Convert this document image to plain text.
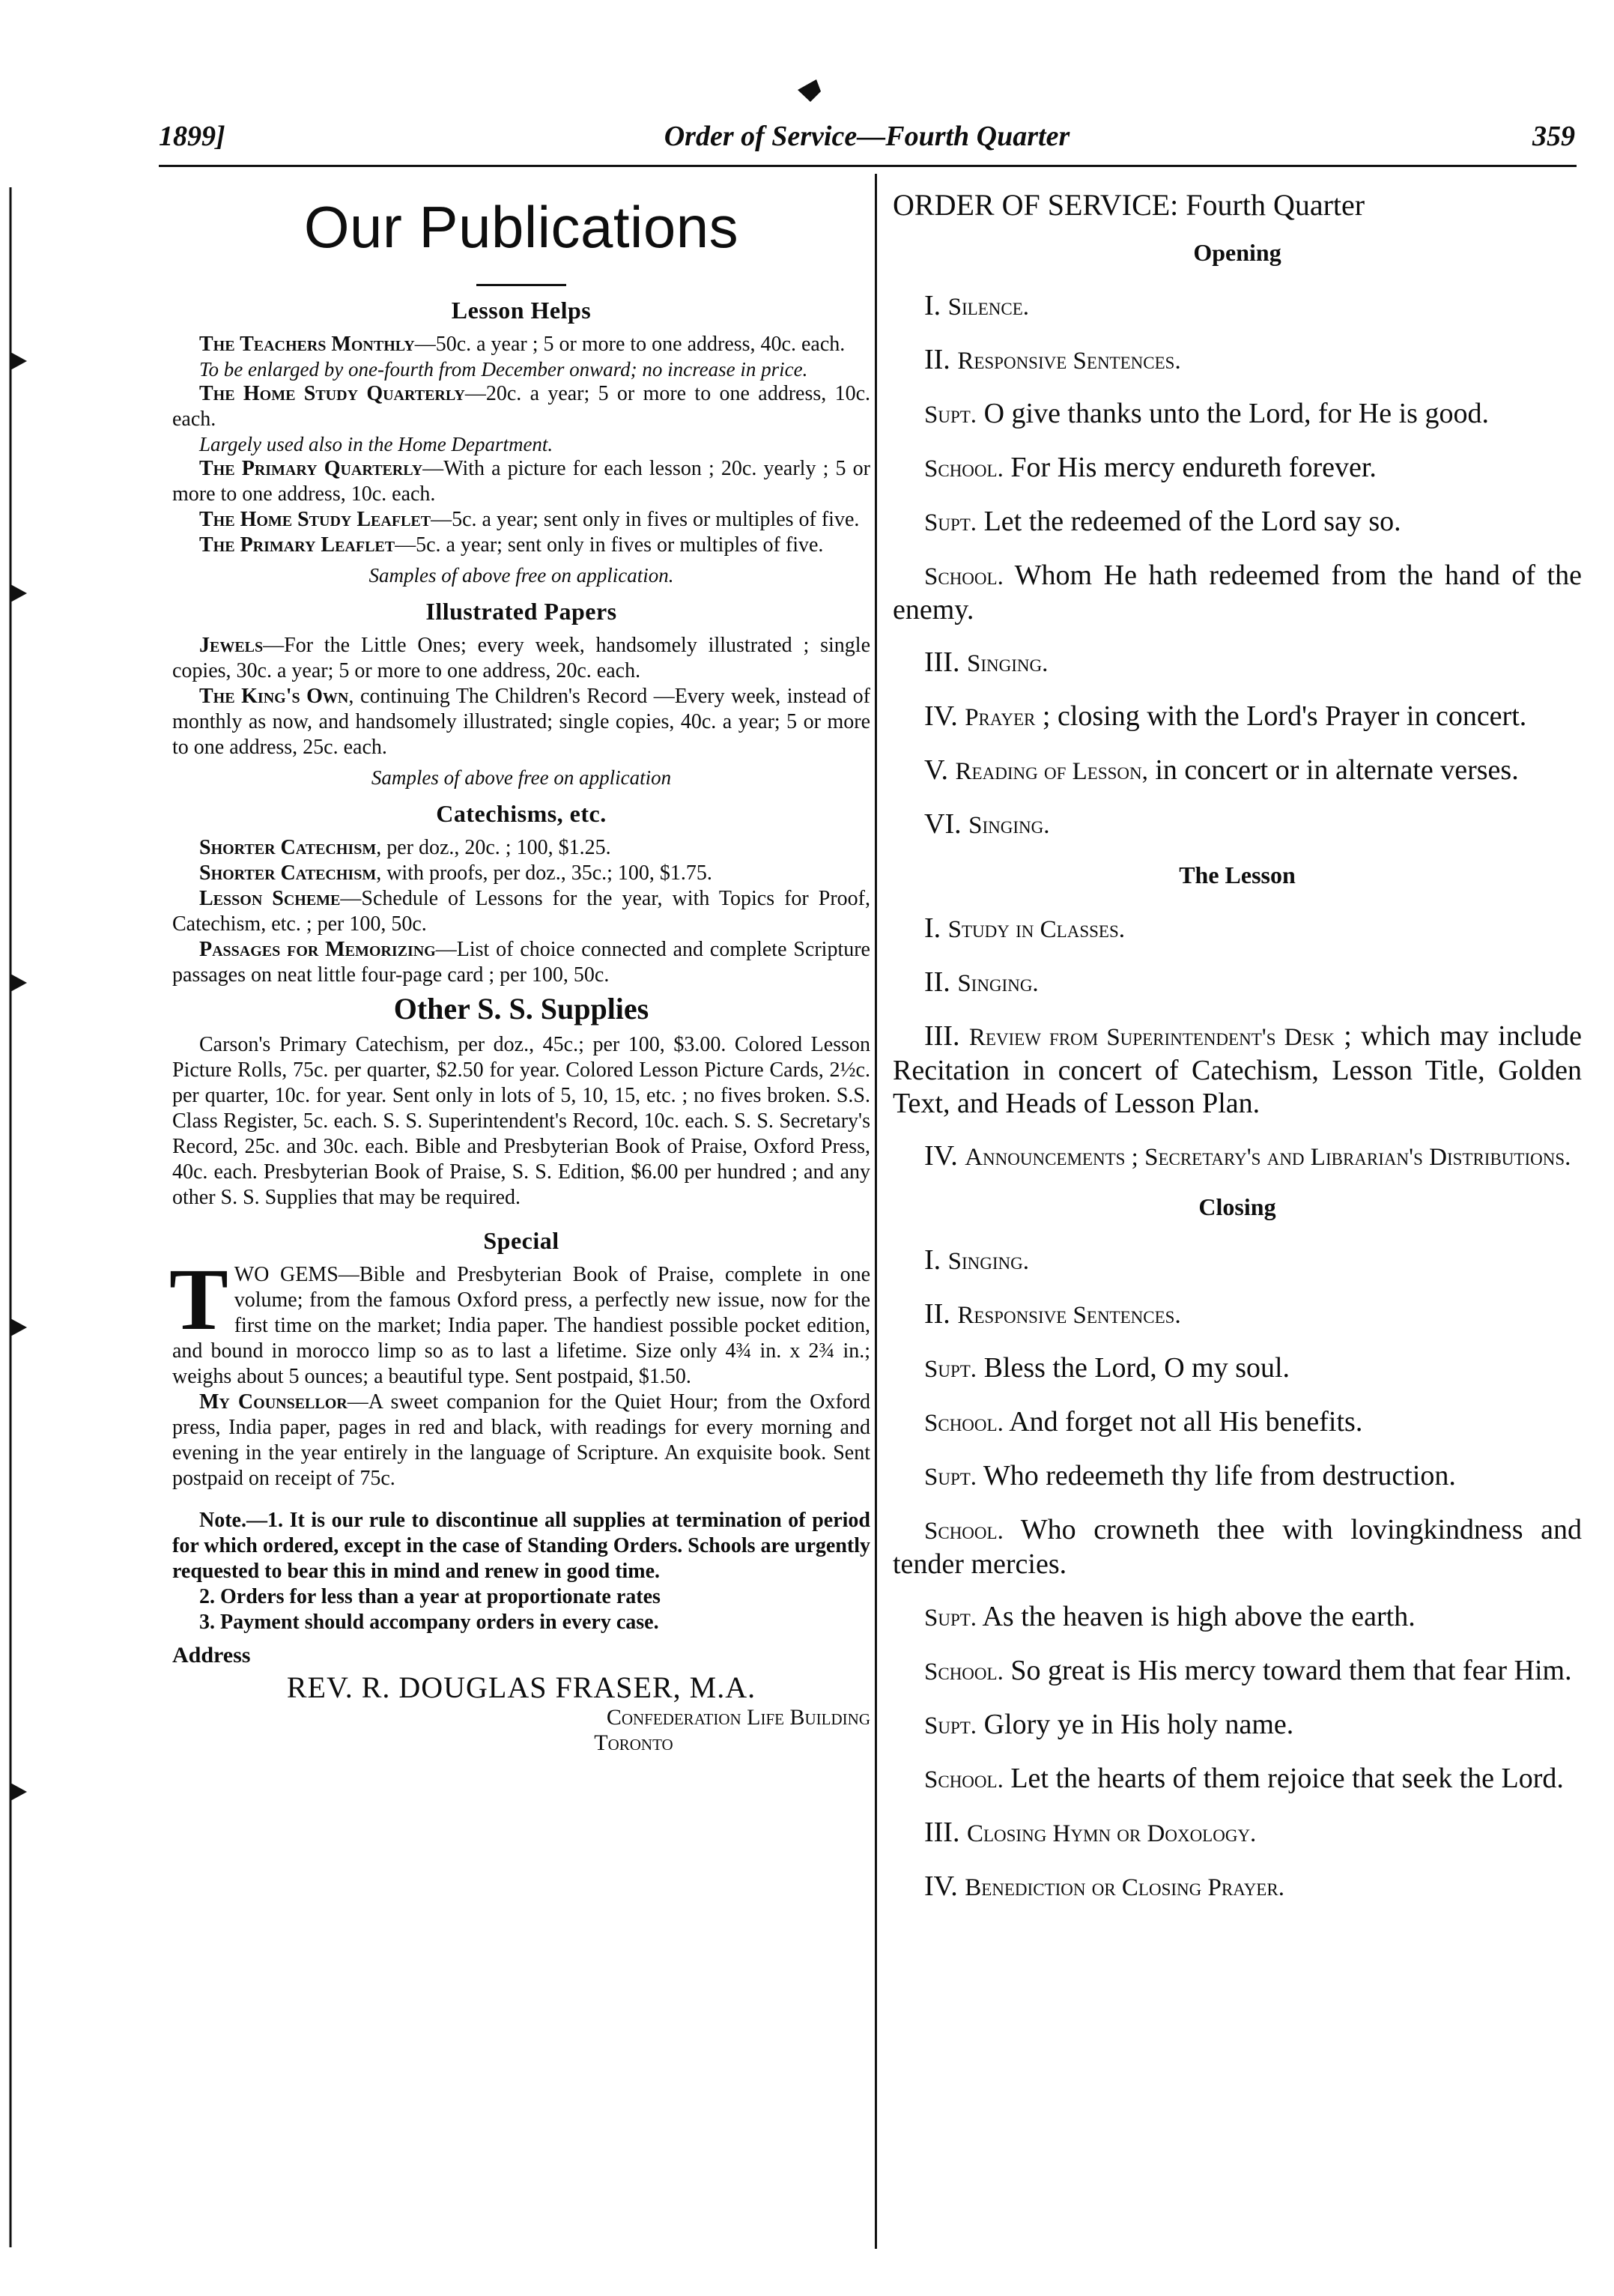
1899]	Order of Service—Fourth Quarter	359
Our Publications
Lesson Helps

The Teachers Monthly—50c. a year ; 5 or more to one address, 40c. each.

To be enlarged by one-fourth from December onward; no increase in price.

The Home Study Quarterly—20c. a year; 5 or more to one address, 10c. each.

Largely used also in the Home Department.

The Primary Quarterly—With a picture for each lesson ; 20c. yearly ; 5 or more to one address, 10c. each.

The Home Study Leaflet—5c. a year; sent only in fives or multiples of five.

The Primary Leaflet—5c. a year; sent only in fives or multiples of five.

Samples of above free on application.

Illustrated Papers

Jewels—For the Little Ones; every week, handsomely illustrated ; single copies, 30c. a year; 5 or more to one address, 20c. each.

The King's Own, continuing The Children's Record —Every week, instead of monthly as now, and handsomely illustrated; single copies, 40c. a year; 5 or more to one address, 25c. each.

Samples of above free on application

Catechisms, etc.

Shorter Catechism, per doz., 20c. ; 100, $1.25.

Shorter Catechism, with proofs, per doz., 35c.; 100, $1.75.

Lesson Scheme—Schedule of Lessons for the year, with Topics for Proof, Catechism, etc. ; per 100, 50c.

Passages for Memorizing—List of choice connected and complete Scripture passages on neat little four-page card ; per 100, 50c.

Other S. S. Supplies

Carson's Primary Catechism, per doz., 45c.; per 100, $3.00. Colored Lesson Picture Rolls, 75c. per quarter, $2.50 for year. Colored Lesson Picture Cards, 2½c. per quarter, 10c. for year. Sent only in lots of 5, 10, 15, etc. ; no fives broken. S.S. Class Register, 5c. each. S. S. Superintendent's Record, 10c. each. S. S. Secretary's Record, 25c. and 30c. each. Bible and Presbyterian Book of Praise, Oxford Press, 40c. each. Presbyterian Book of Praise, S. S. Edition, $6.00 per hundred ; and any other S. S. Supplies that may be required.

Special

TWO GEMS—Bible and Presbyterian Book of Praise, complete in one volume; from the famous Oxford press, a perfectly new issue, now for the first time on the market; India paper. The handiest possible pocket edition, and bound in morocco limp so as to last a lifetime. Size only 4¾ in. x 2¾ in.; weighs about 5 ounces; a beautiful type. Sent postpaid, $1.50.

My Counsellor—A sweet companion for the Quiet Hour; from the Oxford press, India paper, pages in red and black, with readings for every morning and evening in the year entirely in the language of Scripture. An exquisite book. Sent postpaid on receipt of 75c.

Note.—1. It is our rule to discontinue all supplies at termination of period for which ordered, except in the case of Standing Orders. Schools are urgently requested to bear this in mind and renew in good time.

2. Orders for less than a year at proportionate rates

3. Payment should accompany orders in every case.

Address

REV. R. DOUGLAS FRASER, M.A.

Confederation Life Building

Toronto

ORDER OF SERVICE: Fourth Quarter
Opening

I. Silence.

II. Responsive Sentences.

Supt. O give thanks unto the Lord, for He is good.

School. For His mercy endureth forever.

Supt. Let the redeemed of the Lord say so.

School. Whom He hath redeemed from the hand of the enemy.

III. Singing.

IV. Prayer ; closing with the Lord's Prayer in concert.

V. Reading of Lesson, in concert or in alternate verses.

VI. Singing.

The Lesson

I. Study in Classes.

II. Singing.

III. Review from Superintendent's Desk ; which may include Recitation in concert of Catechism, Lesson Title, Golden Text, and Heads of Lesson Plan.

IV. Announcements ; Secretary's and Librarian's Distributions.

Closing

I. Singing.

II. Responsive Sentences.

Supt. Bless the Lord, O my soul.

School. And forget not all His benefits.

Supt. Who redeemeth thy life from destruction.

School. Who crowneth thee with lovingkindness and tender mercies.

Supt. As the heaven is high above the earth.

School. So great is His mercy toward them that fear Him.

Supt. Glory ye in His holy name.

School. Let the hearts of them rejoice that seek the Lord.

III. Closing Hymn or Doxology.

IV. Benediction or Closing Prayer.
